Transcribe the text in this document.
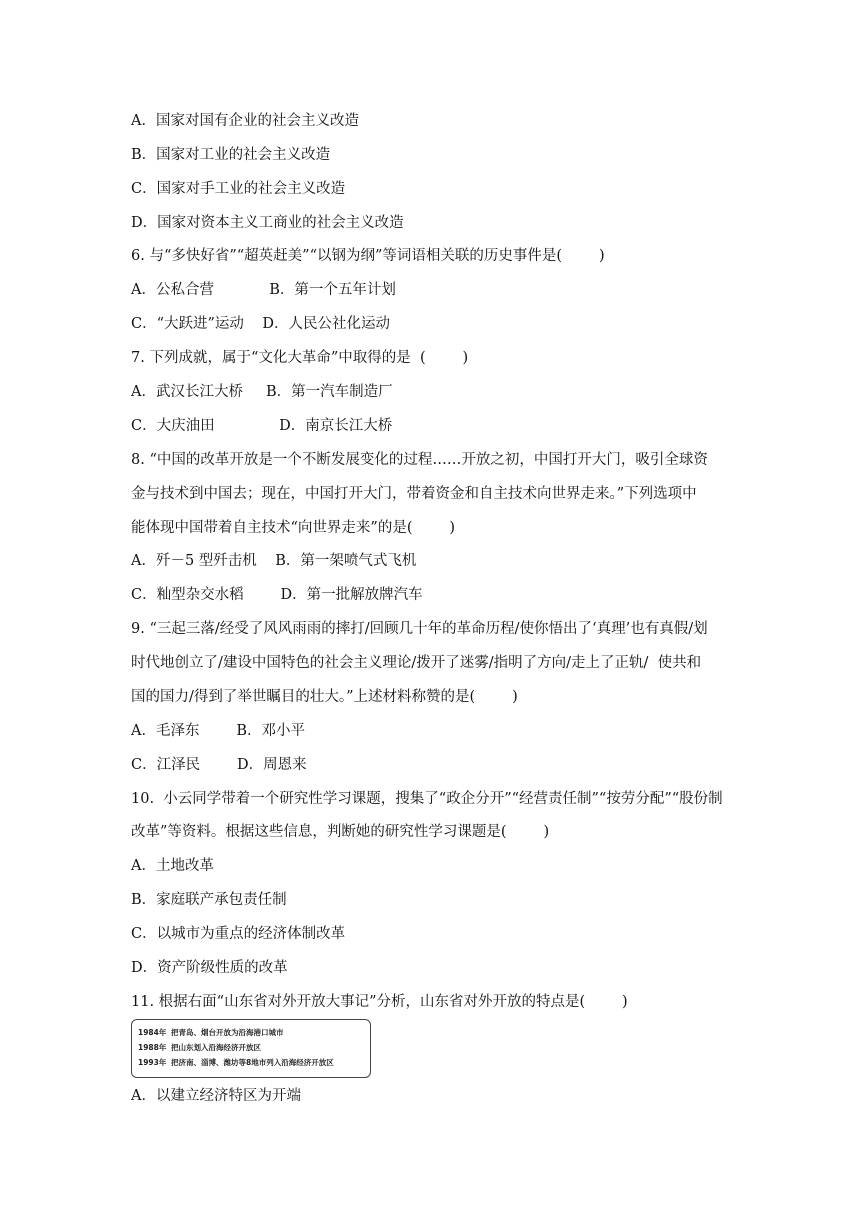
A．国家对国有企业的社会主义改造
B．国家对工业的社会主义改造
C．国家对手工业的社会主义改造
D．国家对资本主义工商业的社会主义改造
6. 与“多快好省”“超英赶美”“以钢为纲”等词语相关联的历史事件是(        )
A．公私合营            B．第一个五年计划
C．“大跃进”运动    D．人民公社化运动
7. 下列成就，属于“文化大革命”中取得的是  (        )
A．武汉长江大桥     B．第一汽车制造厂
C．大庆油田              D．南京长江大桥
8. “中国的改革开放是一个不断发展变化的过程……开放之初，中国打开大门，吸引全球资
金与技术到中国去；现在，中国打开大门，带着资金和自主技术向世界走来。”下列选项中
能体现中国带着自主技术“向世界走来”的是(        )
A．歼－5 型歼击机    B．第一架喷气式飞机
C．籼型杂交水稻        D．第一批解放牌汽车
9. “三起三落/经受了风风雨雨的摔打/回顾几十年的革命历程/使你悟出了‘真理’也有真假/划
时代地创立了/建设中国特色的社会主义理论/拨开了迷雾/指明了方向/走上了正轨/  使共和
国的国力/得到了举世瞩目的壮大。”上述材料称赞的是(        )
A．毛泽东        B．邓小平
C．江泽民        D．周恩来
10.  小云同学带着一个研究性学习课题，搜集了“政企分开”“经营责任制”“按劳分配”“股份制
改革”等资料。根据这些信息，判断她的研究性学习课题是(        )
A．土地改革
B．家庭联产承包责任制
C．以城市为重点的经济体制改革
D．资产阶级性质的改革
11. 根据右面“山东省对外开放大事记”分析，山东省对外开放的特点是(        )
1984年 把青岛、烟台开放为沿海港口城市
1988年 把山东划入沿海经济开放区
1993年 把济南、淄博、潍坊等8地市列入沿海经济开放区
A．以建立经济特区为开端
